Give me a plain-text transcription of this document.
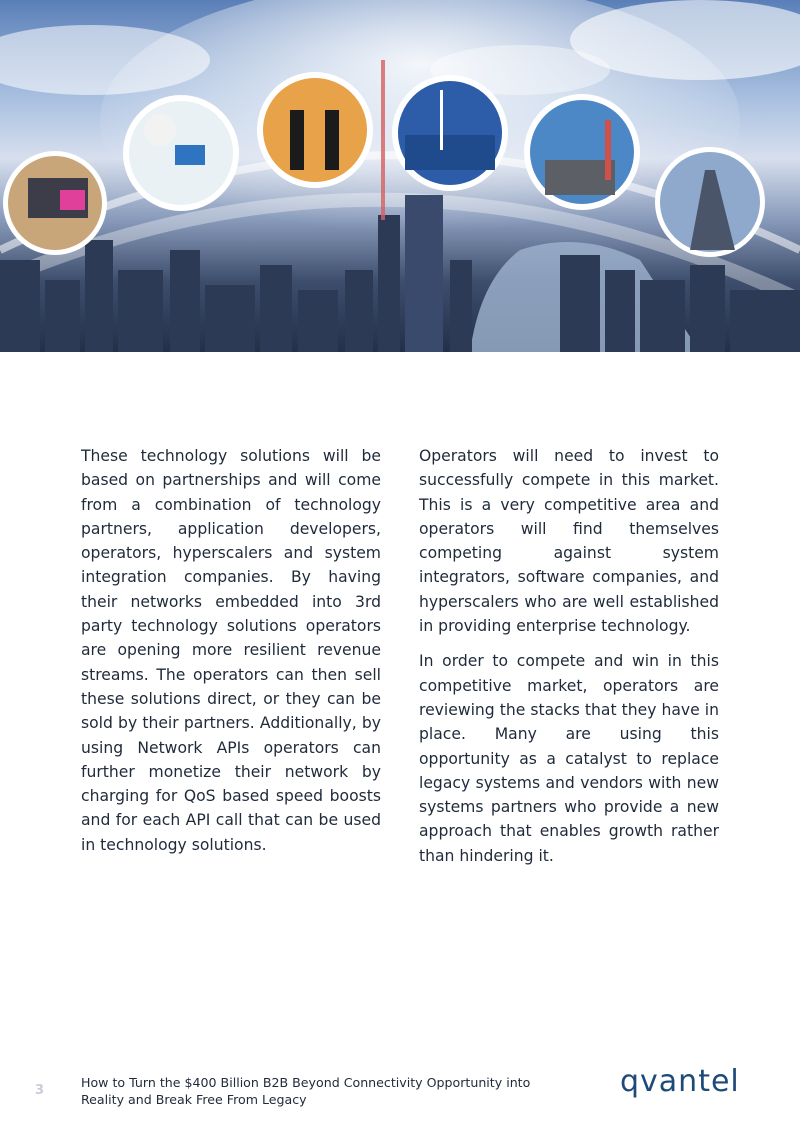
These technology solutions will be based on partnerships and will come from a combination of technology partners, application developers, operators, hyperscalers and system integration companies. By having their networks embedded into 3rd party technology solutions operators are opening more resilient revenue streams. The operators can then sell these solutions direct, or they can be sold by their partners. Additionally, by using Network APIs operators can further monetize their network by charging for QoS based speed boosts and for each API call that can be used in technology solutions.

Operators will need to invest to successfully compete in this market. This is a very competitive area and operators will find themselves competing against system integrators, software companies, and hyperscalers who are well established in providing enterprise technology.

In order to compete and win in this competitive market, operators are reviewing the stacks that they have in place. Many are using this opportunity as a catalyst to replace legacy systems and vendors with new systems partners who provide a new approach that enables growth rather than hindering it.

3
How to Turn the $400 Billion B2B Beyond Connectivity Opportunity into
Reality and Break Free From Legacy
qvantel
